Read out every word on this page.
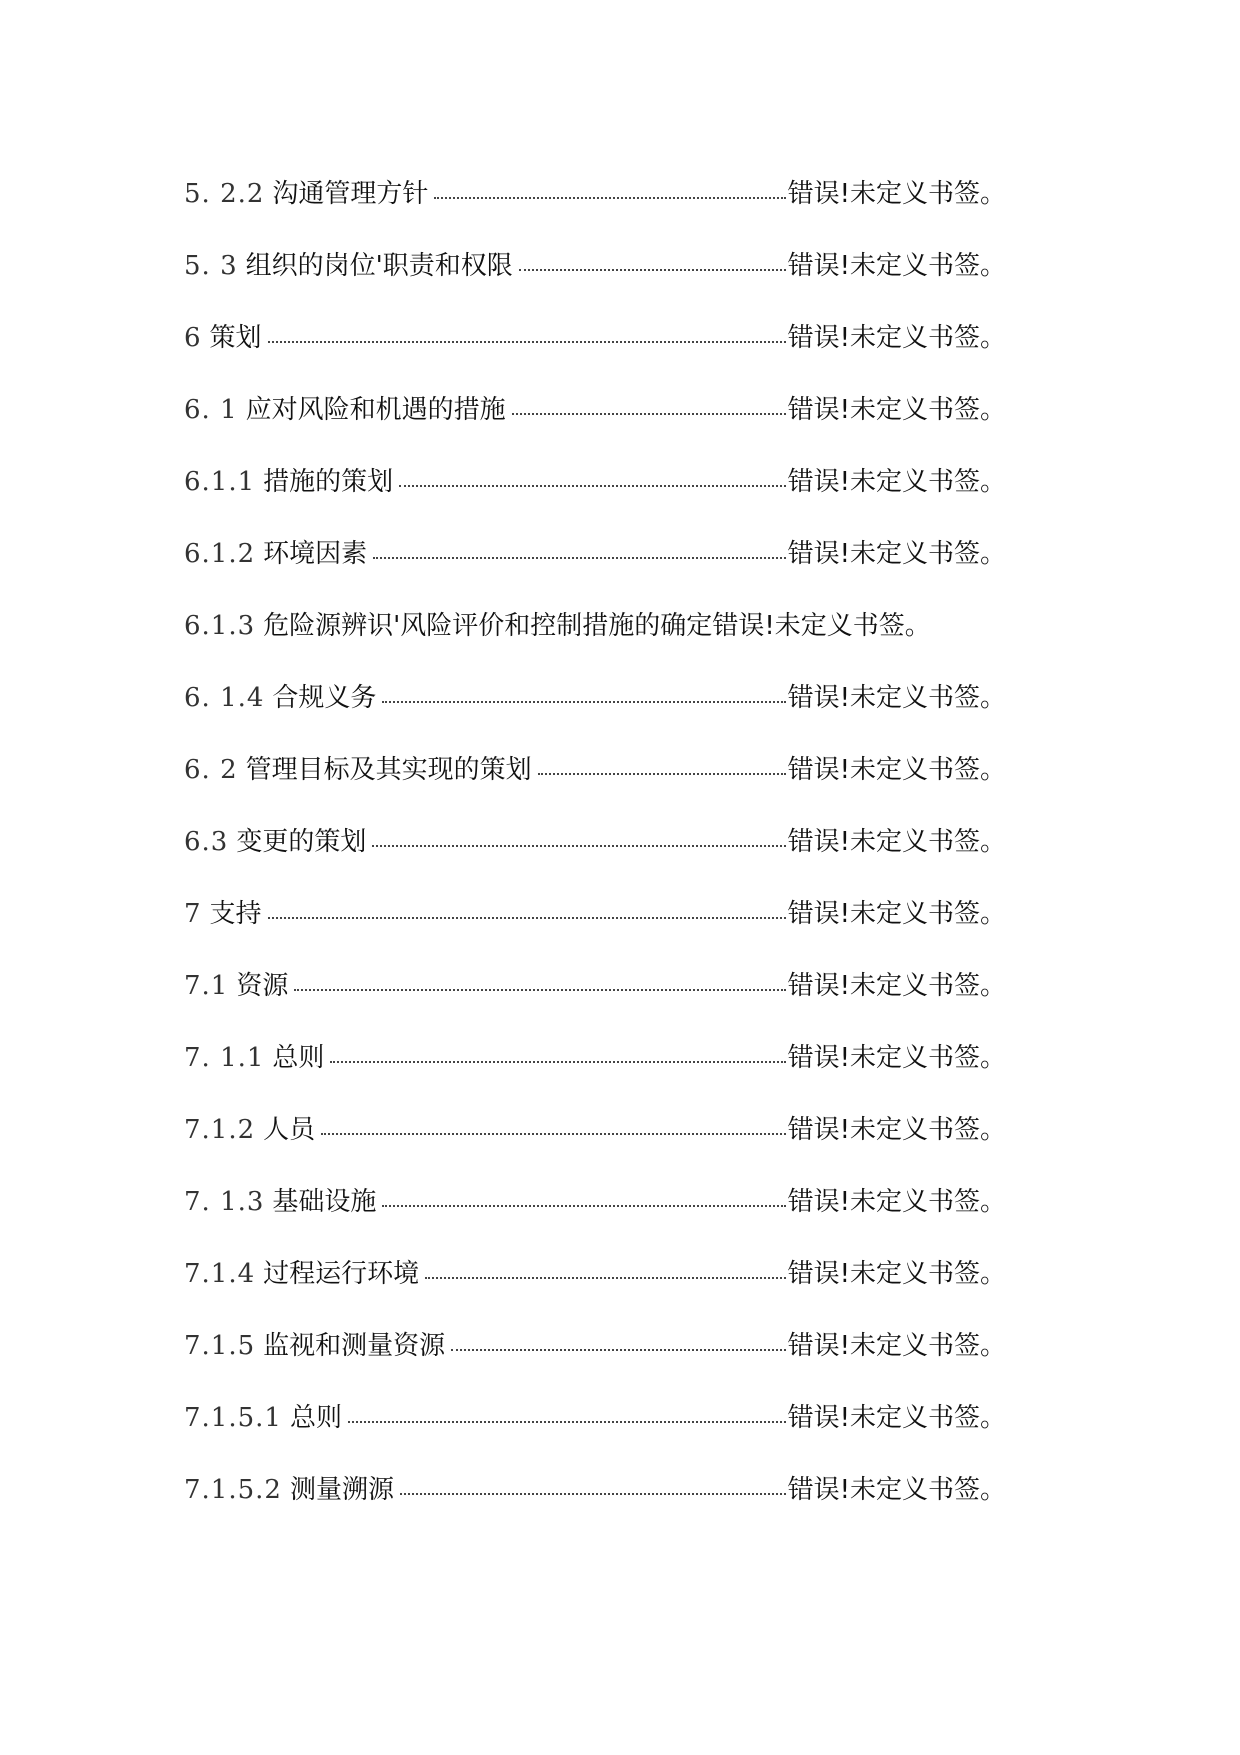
5. 2.2 沟通管理方针	错误!未定义书签。
5. 3 组织的岗位'职责和权限	错误!未定义书签。
6 策划	错误!未定义书签。
6. 1 应对风险和机遇的措施	错误!未定义书签。
6.1.1 措施的策划	错误!未定义书签。
6.1.2 环境因素	错误!未定义书签。
6.1.3 危险源辨识'风险评价和控制措施的确定 错误!未定义书签。
6. 1.4 合规义务	错误!未定义书签。
6. 2 管理目标及其实现的策划	错误!未定义书签。
6.3 变更的策划	错误!未定义书签。
7 支持	错误!未定义书签。
7.1 资源	错误!未定义书签。
7. 1.1 总则	错误!未定义书签。
7.1.2 人员	错误!未定义书签。
7. 1.3 基础设施	错误!未定义书签。
7.1.4 过程运行环境	错误!未定义书签。
7.1.5 监视和测量资源	错误!未定义书签。
7.1.5.1 总则	错误!未定义书签。
7.1.5.2 测量溯源	错误!未定义书签。
